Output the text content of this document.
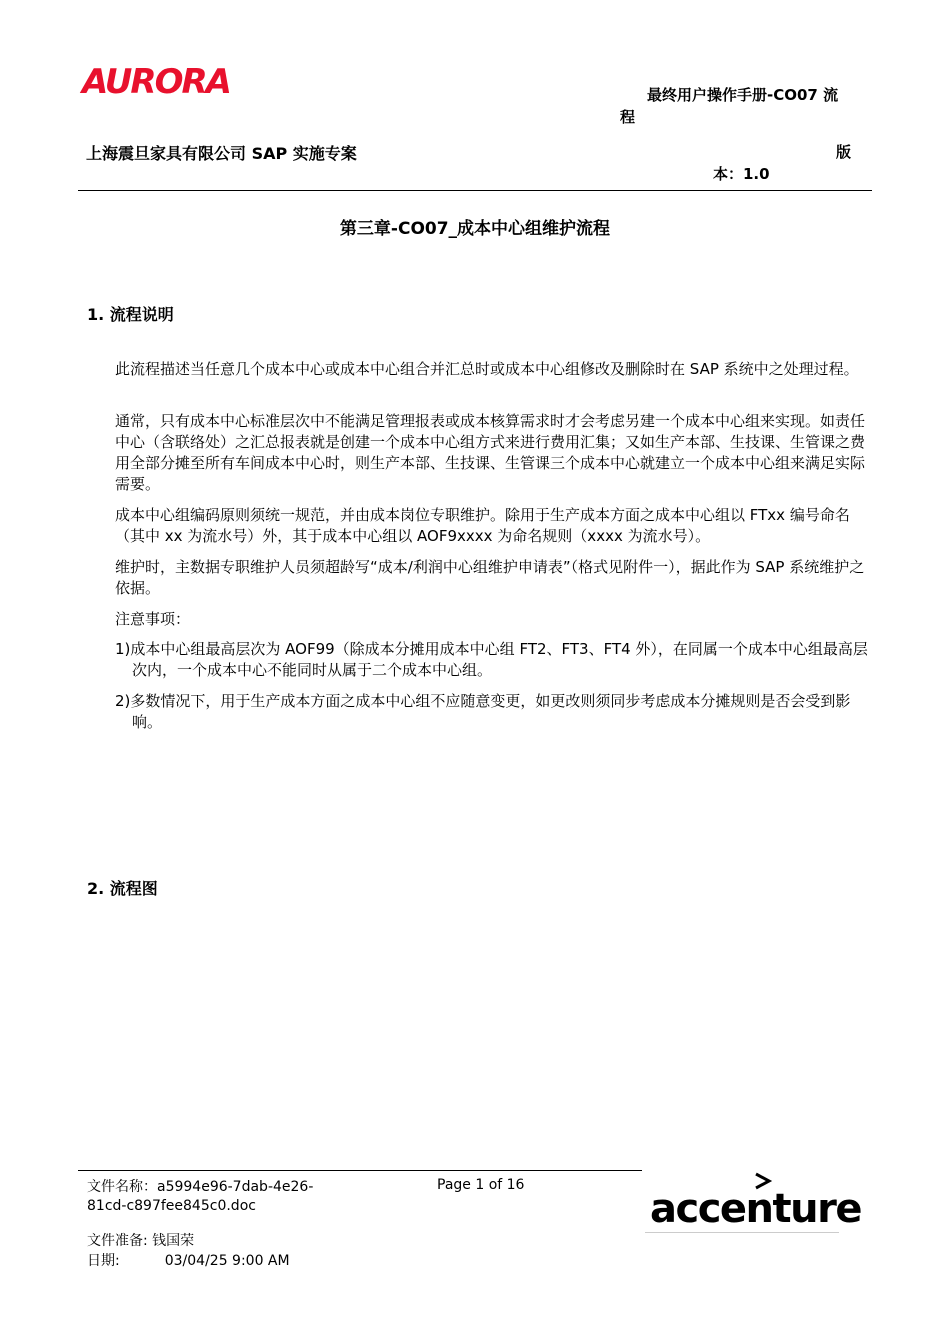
AURORA	最终用户操作手册-CO07 流
程
上海震旦家具有限公司 SAP 实施专案	版
本：1.0
第三章-CO07_成本中心组维护流程
1. 流程说明
此流程描述当任意几个成本中心或成本中心组合并汇总时或成本中心组修改及删除时在 SAP 系统中之处理过程。
通常，只有成本中心标准层次中不能满足管理报表或成本核算需求时才会考虑另建一个成本中心组来实现。如责任中心（含联络处）之汇总报表就是创建一个成本中心组方式来进行费用汇集；又如生产本部、生技课、生管课之费用全部分摊至所有车间成本中心时，则生产本部、生技课、生管课三个成本中心就建立一个成本中心组来满足实际需要。
成本中心组编码原则须统一规范，并由成本岗位专职维护。除用于生产成本方面之成本中心组以 FTxx 编号命名（其中 xx 为流水号）外，其于成本中心组以 AOF9xxxx 为命名规则（xxxx 为流水号）。
维护时，主数据专职维护人员须超龄写“成本/利润中心组维护申请表”（格式见附件一），据此作为 SAP 系统维护之依据。
注意事项：
1)成本中心组最高层次为 AOF99（除成本分摊用成本中心组 FT2、FT3、FT4 外），在同属一个成本中心组最高层次内，一个成本中心不能同时从属于二个成本中心组。
2)多数情况下，用于生产成本方面之成本中心组不应随意变更，如更改则须同步考虑成本分摊规则是否会受到影响。
2. 流程图
文件名称：a5994e96-7dab-4e26-81cd-c897fee845c0.doc
Page 1 of 16
文件准备: 钱国荣
日期:	03/04/25 9:00 AM
accenture
